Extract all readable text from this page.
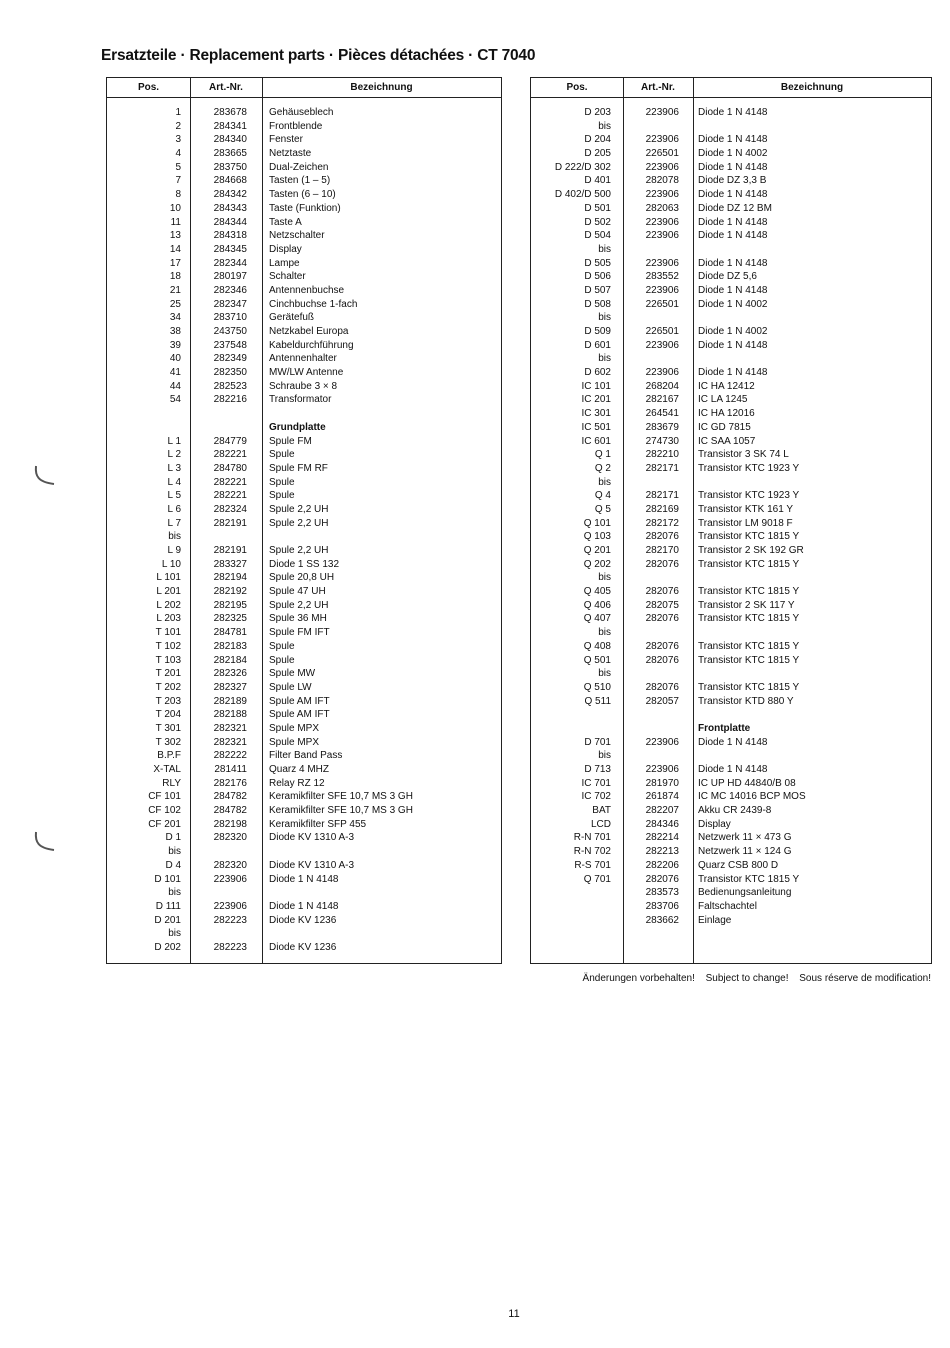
Ersatzteile · Replacement parts · Pièces détachées · CT 7040
Pos.	Art.-Nr.	Bezeichnung
1	283678 Gehäuseblech
2	284341 Frontblende
3	284340 Fenster
4	283665 Netztaste
5	283750 Dual-Zeichen
7	284668 Tasten (1 – 5)
8	284342 Tasten (6 – 10)
10	284343 Taste (Funktion)
11	284344 Taste A
13	284318 Netzschalter
14	284345 Display
17	282344 Lampe
18	280197 Schalter
21	282346 Antennenbuchse
25	282347 Cinchbuchse 1-fach
34	283710 Gerätefuß
38	243750 Netzkabel Europa
39	237548 Kabeldurchführung
40	282349 Antennenhalter
41	282350 MW/LW Antenne
44	282523 Schraube 3 × 8
54	282216 Transformator
Grundplatte
L 1	284779 Spule FM
L 2	282221 Spule
L 3	284780 Spule FM RF
L 4	282221 Spule
L 5	282221 Spule
L 6	282324 Spule 2,2 UH
L 7	282191 Spule 2,2 UH
bis
L 9	282191 Spule 2,2 UH
L 10	283327 Diode 1 SS 132
L 101	282194 Spule 20,8 UH
L 201	282192 Spule 47 UH
L 202	282195 Spule 2,2 UH
L 203	282325 Spule 36 MH
T 101	284781 Spule FM IFT
T 102	282183 Spule
T 103	282184 Spule
T 201	282326 Spule MW
T 202	282327 Spule LW
T 203	282189 Spule AM IFT
T 204	282188 Spule AM IFT
T 301	282321 Spule MPX
T 302	282321 Spule MPX
B.P.F	282222 Filter Band Pass
X-TAL	281411 Quarz 4 MHZ
RLY	282176 Relay RZ 12
CF 101	284782 Keramikfilter SFE 10,7 MS 3 GH
CF 102	284782 Keramikfilter SFE 10,7 MS 3 GH
CF 201	282198 Keramikfilter SFP 455
D 1	282320 Diode KV 1310 A-3
bis
D 4	282320 Diode KV 1310 A-3
D 101	223906 Diode 1 N 4148
bis
D 111	223906 Diode 1 N 4148
D 201	282223 Diode KV 1236
bis
D 202	282223 Diode KV 1236
Pos.	Art.-Nr.	Bezeichnung
D 203	223906 Diode 1 N 4148
bis
D 204	223906 Diode 1 N 4148
D 205	226501 Diode 1 N 4002
D 222/D 302	223906 Diode 1 N 4148
D 401	282078 Diode DZ 3,3 B
D 402/D 500	223906 Diode 1 N 4148
D 501	282063 Diode DZ 12 BM
D 502	223906 Diode 1 N 4148
D 504	223906 Diode 1 N 4148
bis
D 505	223906 Diode 1 N 4148
D 506	283552 Diode DZ 5,6
D 507	223906 Diode 1 N 4148
D 508	226501 Diode 1 N 4002
bis
D 509	226501 Diode 1 N 4002
D 601	223906 Diode 1 N 4148
bis
D 602	223906 Diode 1 N 4148
IC 101	268204 IC HA 12412
IC 201	282167 IC LA 1245
IC 301	264541 IC HA 12016
IC 501	283679 IC GD 7815
IC 601	274730 IC SAA 1057
Q 1	282210 Transistor 3 SK 74 L
Q 2	282171 Transistor KTC 1923 Y
bis
Q 4	282171 Transistor KTC 1923 Y
Q 5	282169 Transistor KTK 161 Y
Q 101	282172 Transistor LM 9018 F
Q 103	282076 Transistor KTC 1815 Y
Q 201	282170 Transistor 2 SK 192 GR
Q 202	282076 Transistor KTC 1815 Y
bis
Q 405	282076 Transistor KTC 1815 Y
Q 406	282075 Transistor 2 SK 117 Y
Q 407	282076 Transistor KTC 1815 Y
bis
Q 408	282076 Transistor KTC 1815 Y
Q 501	282076 Transistor KTC 1815 Y
bis
Q 510	282076 Transistor KTC 1815 Y
Q 511	282057 Transistor KTD 880 Y
Frontplatte
D 701	223906 Diode 1 N 4148
bis
D 713	223906 Diode 1 N 4148
IC 701	281970 IC UP HD 44840/B 08
IC 702	261874 IC MC 14016 BCP MOS
BAT	282207 Akku CR 2439-8
LCD	284346 Display
R-N 701	282214 Netzwerk 11 × 473 G
R-N 702	282213 Netzwerk 11 × 124 G
R-S 701	282206 Quarz CSB 800 D
Q 701	282076 Transistor KTC 1815 Y
283573 Bedienungsanleitung
283706 Faltschachtel
283662 Einlage
Änderungen vorbehalten! Subject to change! Sous réserve de modification!
11
